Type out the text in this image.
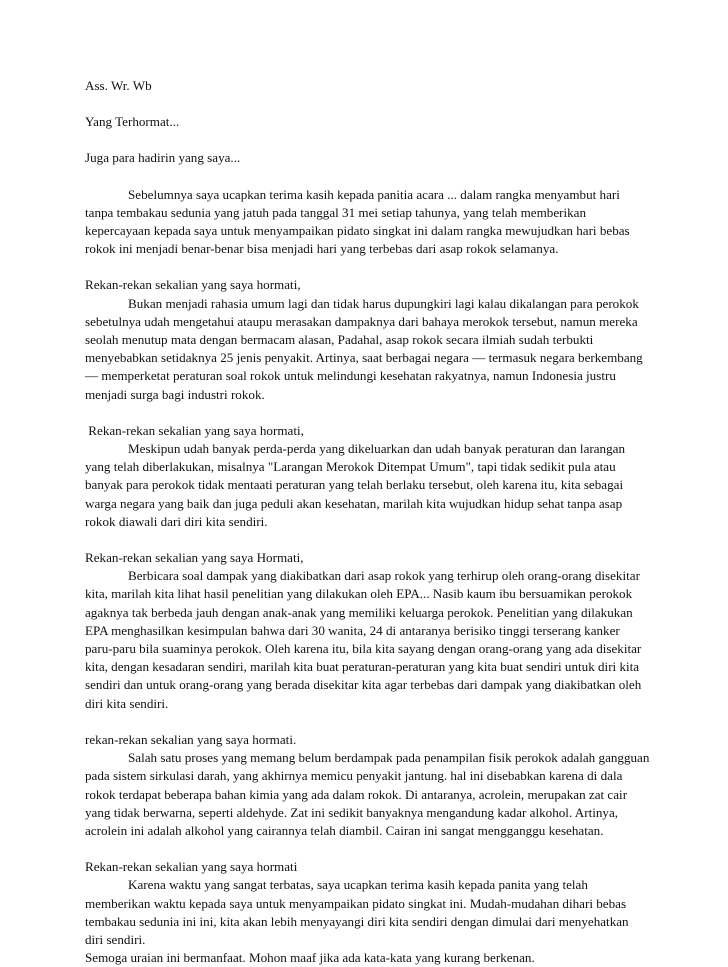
Ass. Wr. Wb

Yang Terhormat...

Juga para hadirin yang saya...

Sebelumnya saya ucapkan terima kasih kepada panitia acara ... dalam rangka menyambut hari tanpa tembakau sedunia yang jatuh pada tanggal 31 mei setiap tahunya, yang telah memberikan kepercayaan kepada saya untuk menyampaikan pidato singkat ini dalam rangka mewujudkan hari bebas rokok ini menjadi benar-benar bisa menjadi hari yang terbebas dari asap rokok selamanya.

Rekan-rekan sekalian yang saya hormati,

Bukan menjadi rahasia umum lagi dan tidak harus dupungkiri lagi kalau dikalangan para perokok sebetulnya udah mengetahui ataupu merasakan dampaknya dari bahaya merokok tersebut, namun mereka seolah menutup mata dengan bermacam alasan, Padahal, asap rokok secara ilmiah sudah terbukti menyebabkan setidaknya 25 jenis penyakit. Artinya, saat berbagai negara — termasuk negara berkembang — memperketat peraturan soal rokok untuk melindungi kesehatan rakyatnya, namun Indonesia justru menjadi surga bagi industri rokok.

Rekan-rekan sekalian yang saya hormati,

Meskipun udah banyak perda-perda yang dikeluarkan dan udah banyak peraturan dan larangan yang telah diberlakukan, misalnya "Larangan Merokok Ditempat Umum", tapi tidak sedikit pula atau banyak para perokok tidak mentaati peraturan yang telah berlaku tersebut, oleh karena itu, kita sebagai warga negara yang baik dan juga peduli akan kesehatan, marilah kita wujudkan hidup sehat tanpa asap rokok diawali dari diri kita sendiri.

Rekan-rekan sekalian yang saya Hormati,

Berbicara soal dampak yang diakibatkan dari asap rokok yang terhirup oleh orang-orang disekitar kita, marilah kita lihat hasil penelitian yang dilakukan oleh EPA... Nasib kaum ibu bersuamikan perokok agaknya tak berbeda jauh dengan anak-anak yang memiliki keluarga perokok. Penelitian yang dilakukan EPA menghasilkan kesimpulan bahwa dari 30 wanita, 24 di antaranya berisiko tinggi terserang kanker paru-paru bila suaminya perokok. Oleh karena itu, bila kita sayang dengan orang-orang yang ada disekitar kita, dengan kesadaran sendiri, marilah kita buat peraturan-peraturan yang kita buat sendiri untuk diri kita sendiri dan untuk orang-orang yang berada disekitar kita agar terbebas dari dampak yang diakibatkan oleh diri kita sendiri.

rekan-rekan sekalian yang saya hormati.

Salah satu proses yang memang belum berdampak pada penampilan fisik perokok adalah gangguan pada sistem sirkulasi darah, yang akhirnya memicu penyakit jantung. hal ini disebabkan karena di dala rokok terdapat beberapa bahan kimia yang ada dalam rokok. Di antaranya, acrolein, merupakan zat cair yang tidak berwarna, seperti aldehyde. Zat ini sedikit banyaknya mengandung kadar alkohol. Artinya, acrolein ini adalah alkohol yang cairannya telah diambil. Cairan ini sangat mengganggu kesehatan.

Rekan-rekan sekalian yang saya hormati

Karena waktu yang sangat terbatas, saya ucapkan terima kasih kepada panita yang telah memberikan waktu kepada saya untuk menyampaikan pidato singkat ini. Mudah-mudahan dihari bebas tembakau sedunia ini ini, kita akan lebih menyayangi diri kita sendiri dengan dimulai dari menyehatkan diri sendiri.

Semoga uraian ini bermanfaat. Mohon maaf jika ada kata-kata yang kurang berkenan.
